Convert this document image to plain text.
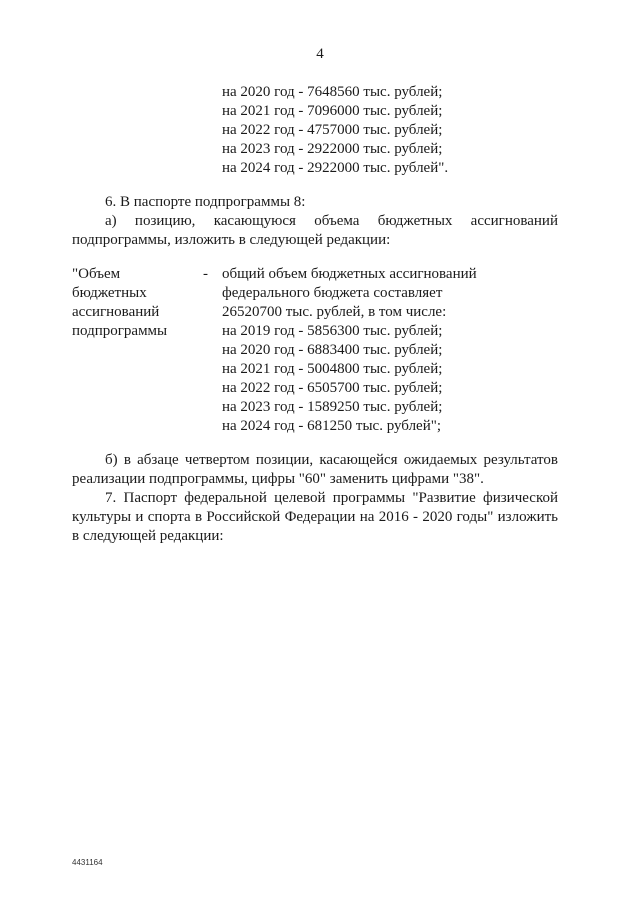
4
на 2020 год - 7648560 тыс. рублей;
на 2021 год - 7096000 тыс. рублей;
на 2022 год - 4757000 тыс. рублей;
на 2023 год - 2922000 тыс. рублей;
на 2024 год - 2922000 тыс. рублей".
6. В паспорте подпрограммы 8:
а) позицию, касающуюся объема бюджетных ассигнований
подпрограммы, изложить в следующей редакции:
"Объем
бюджетных
ассигнований
подпрограммы
- общий объем бюджетных ассигнований
федерального бюджета составляет
26520700 тыс. рублей, в том числе:
на 2019 год - 5856300 тыс. рублей;
на 2020 год - 6883400 тыс. рублей;
на 2021 год - 5004800 тыс. рублей;
на 2022 год - 6505700 тыс. рублей;
на 2023 год - 1589250 тыс. рублей;
на 2024 год - 681250 тыс. рублей";
б) в абзаце четвертом позиции, касающейся ожидаемых результатов
реализации подпрограммы, цифры "60" заменить цифрами "38".
7. Паспорт федеральной целевой программы "Развитие физической
культуры и спорта в Российской Федерации на 2016 - 2020 годы" изложить
в следующей редакции:
4431164
